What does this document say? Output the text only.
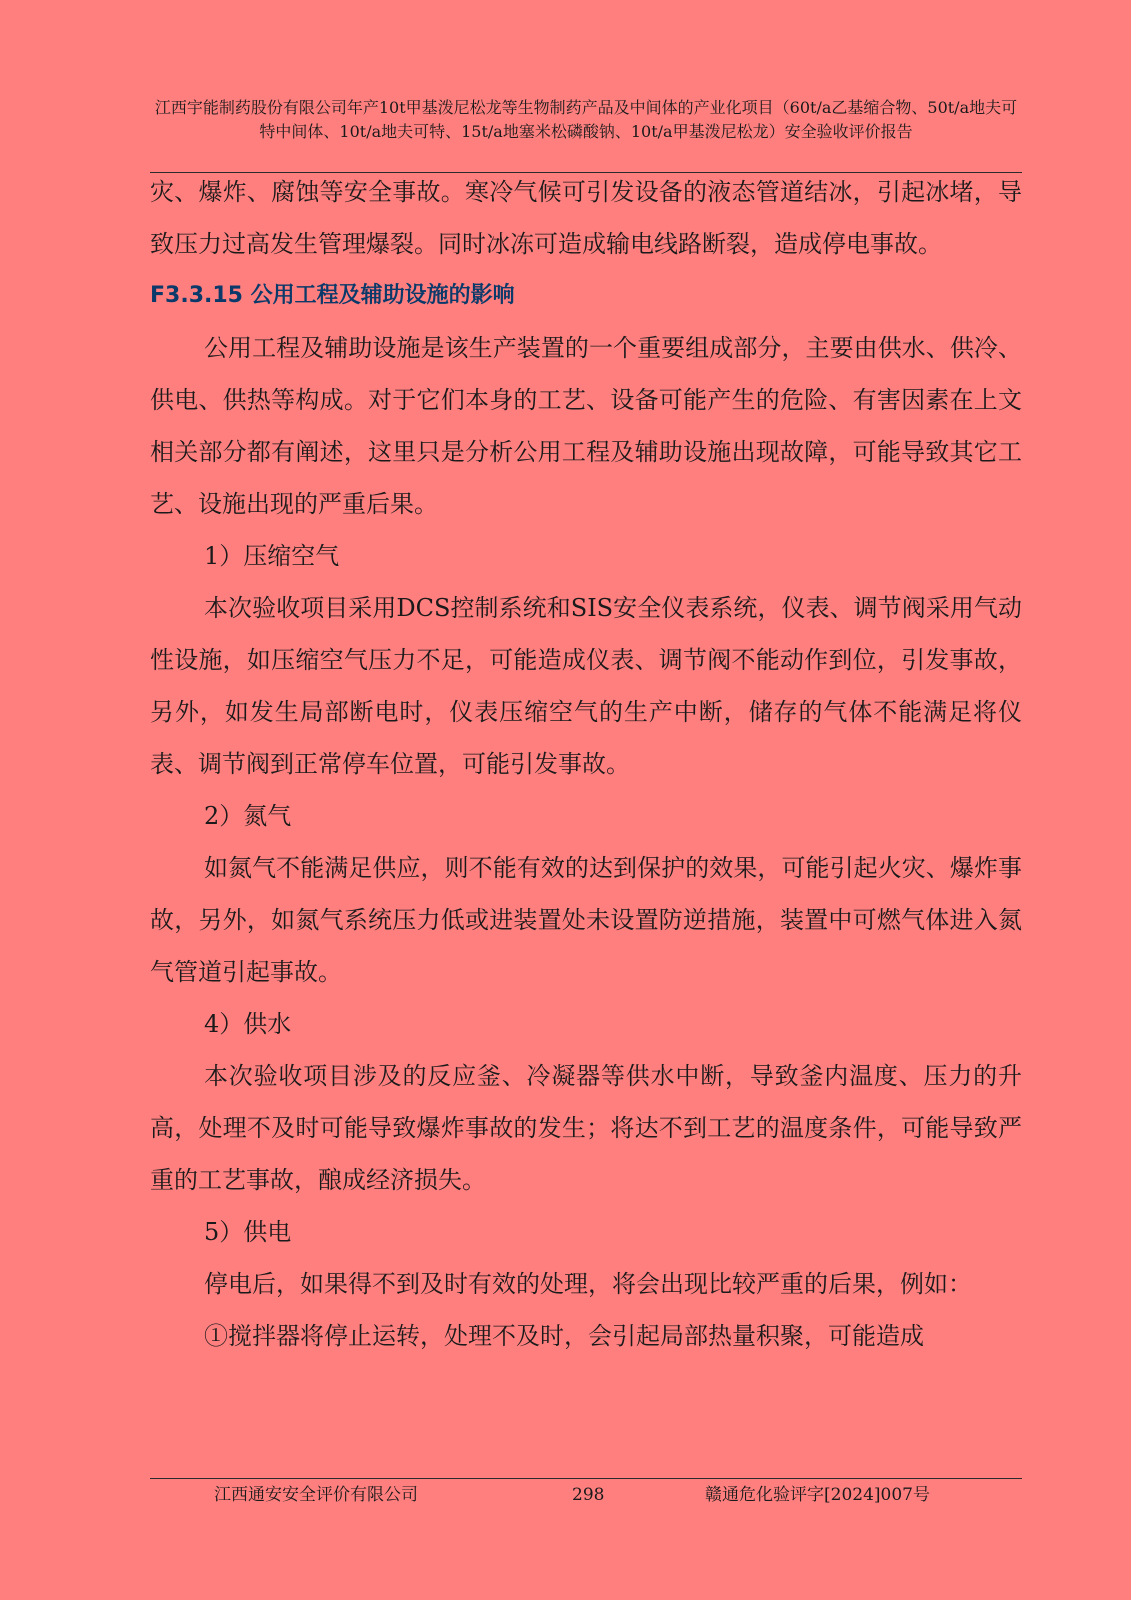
江西宇能制药股份有限公司年产10t甲基泼尼松龙等生物制药产品及中间体的产业化项目（60t/a乙基缩合物、50t/a地夫可特中间体、10t/a地夫可特、15t/a地塞米松磷酸钠、10t/a甲基泼尼松龙）安全验收评价报告

灾、爆炸、腐蚀等安全事故。寒冷气候可引发设备的液态管道结冰，引起冰堵，导致压力过高发生管理爆裂。同时冰冻可造成输电线路断裂，造成停电事故。

F3.3.15 公用工程及辅助设施的影响

公用工程及辅助设施是该生产装置的一个重要组成部分，主要由供水、供冷、供电、供热等构成。对于它们本身的工艺、设备可能产生的危险、有害因素在上文相关部分都有阐述，这里只是分析公用工程及辅助设施出现故障，可能导致其它工艺、设施出现的严重后果。

1）压缩空气

本次验收项目采用DCS控制系统和SIS安全仪表系统，仪表、调节阀采用气动性设施，如压缩空气压力不足，可能造成仪表、调节阀不能动作到位，引发事故，另外，如发生局部断电时，仪表压缩空气的生产中断，储存的气体不能满足将仪表、调节阀到正常停车位置，可能引发事故。

2）氮气

如氮气不能满足供应，则不能有效的达到保护的效果，可能引起火灾、爆炸事故，另外，如氮气系统压力低或进装置处未设置防逆措施，装置中可燃气体进入氮气管道引起事故。

4）供水

本次验收项目涉及的反应釜、冷凝器等供水中断，导致釜内温度、压力的升高，处理不及时可能导致爆炸事故的发生；将达不到工艺的温度条件，可能导致严重的工艺事故，酿成经济损失。

5）供电

停电后，如果得不到及时有效的处理，将会出现比较严重的后果，例如：

①搅拌器将停止运转，处理不及时，会引起局部热量积聚，可能造成

江西通安安全评价有限公司	298	赣通危化验评字[2024]007号
